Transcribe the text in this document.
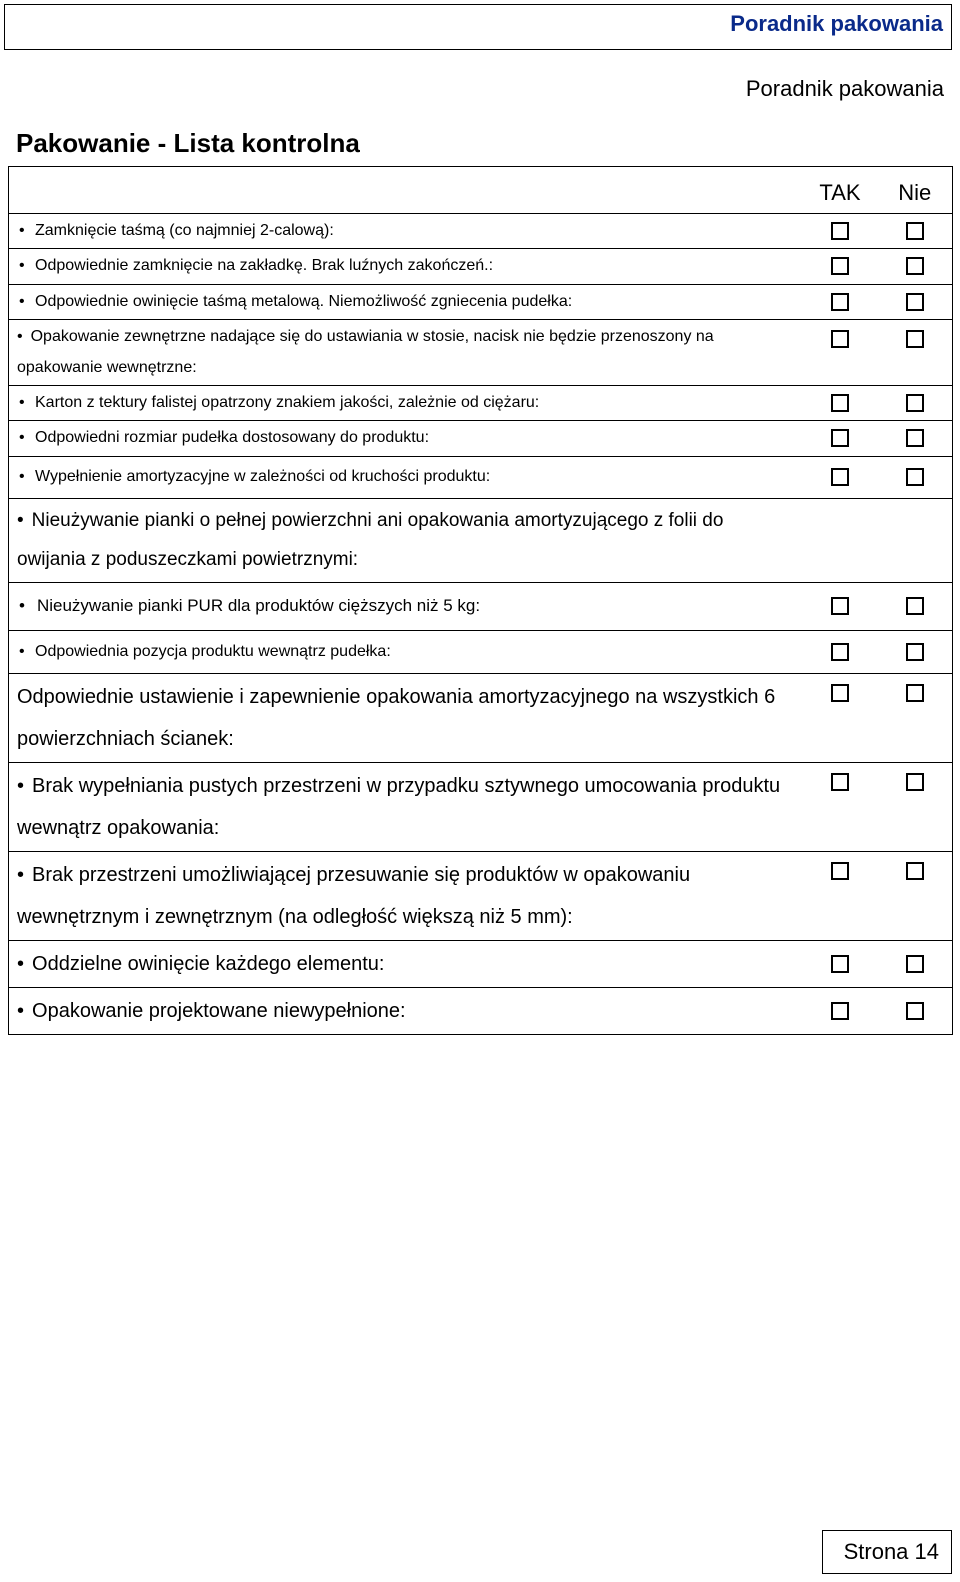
Poradnik pakowania
Poradnik pakowania
Pakowanie - Lista kontrolna
	TAK	Nie

• Zamknięcie taśmą (co najmniej 2-calową):		

• Odpowiednie zamknięcie na zakładkę. Brak luźnych zakończeń.:		

• Odpowiednie owinięcie taśmą metalową. Niemożliwość zgniecenia pudełka:		

• Opakowanie zewnętrzne nadające się do ustawiania w stosie, nacisk nie będzie przenoszony na opakowanie wewnętrzne:		

• Karton z tektury falistej opatrzony znakiem jakości, zależnie od ciężaru:		

• Odpowiedni rozmiar pudełka dostosowany do produktu:		

• Wypełnienie amortyzacyjne w zależności od kruchości produktu:		

• Nieużywanie pianki o pełnej powierzchni ani opakowania amortyzującego z folii do owijania z poduszeczkami powietrznymi:		

• Nieużywanie pianki PUR dla produktów cięższych niż 5 kg:		

• Odpowiednia pozycja produktu wewnątrz pudełka:		

Odpowiednie ustawienie i zapewnienie opakowania amortyzacyjnego na wszystkich 6 powierzchniach ścianek:		

• Brak wypełniania pustych przestrzeni w przypadku sztywnego umocowania produktu wewnątrz opakowania:		

• Brak przestrzeni umożliwiającej przesuwanie się produktów w opakowaniu wewnętrznym i zewnętrznym (na odległość większą niż 5 mm):		

• Oddzielne owinięcie każdego elementu:		

• Opakowanie projektowane niewypełnione:		

Strona 14
